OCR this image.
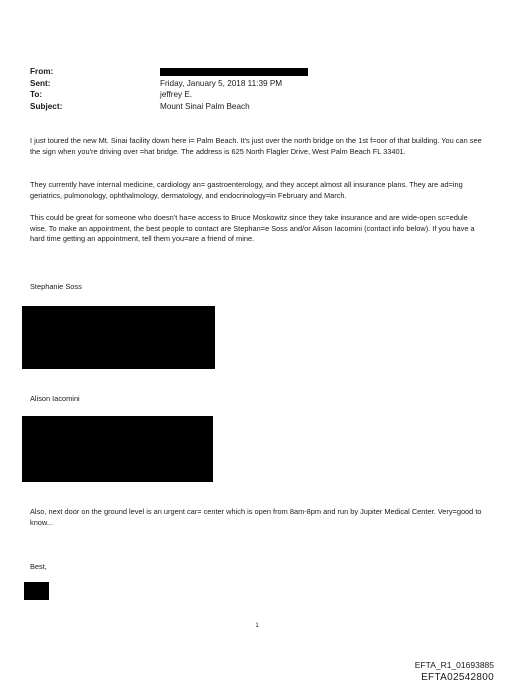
From:
Sent:	Friday, January 5, 2018 11:39 PM
To:	jeffrey E.
Subject:	Mount Sinai Palm Beach

I just toured the new Mt. Sinai facility down here i= Palm Beach. It's just over the north bridge on the 1st f=oor of that building. You can see the sign when you're driving over =hat bridge. The address is 625 North Flagler Drive, West Palm Beach FL 33401.

They currently have internal medicine, cardiology an= gastroenterology, and they accept almost all insurance plans. They are ad=ing geriatrics, pulmonology, ophthalmology, dermatology, and endocrinology=in February and March.

This could be great for someone who doesn't ha=e access to Bruce Moskowitz since they take insurance and are wide-open sc=edule wise. To make an appointment, the best people to contact are Stephan=e Soss and/or Alison Iacomini (contact info below). If you have a hard time getting an appointment, tell them you=are a friend of mine.

Stephanie Soss

Alison Iacomini

Also, next door on the ground level is an urgent car= center which is open from 8am-8pm and run by Jupiter Medical Center. Very=good to know...

Best,

1
EFTA_R1_01693885
EFTA02542800
